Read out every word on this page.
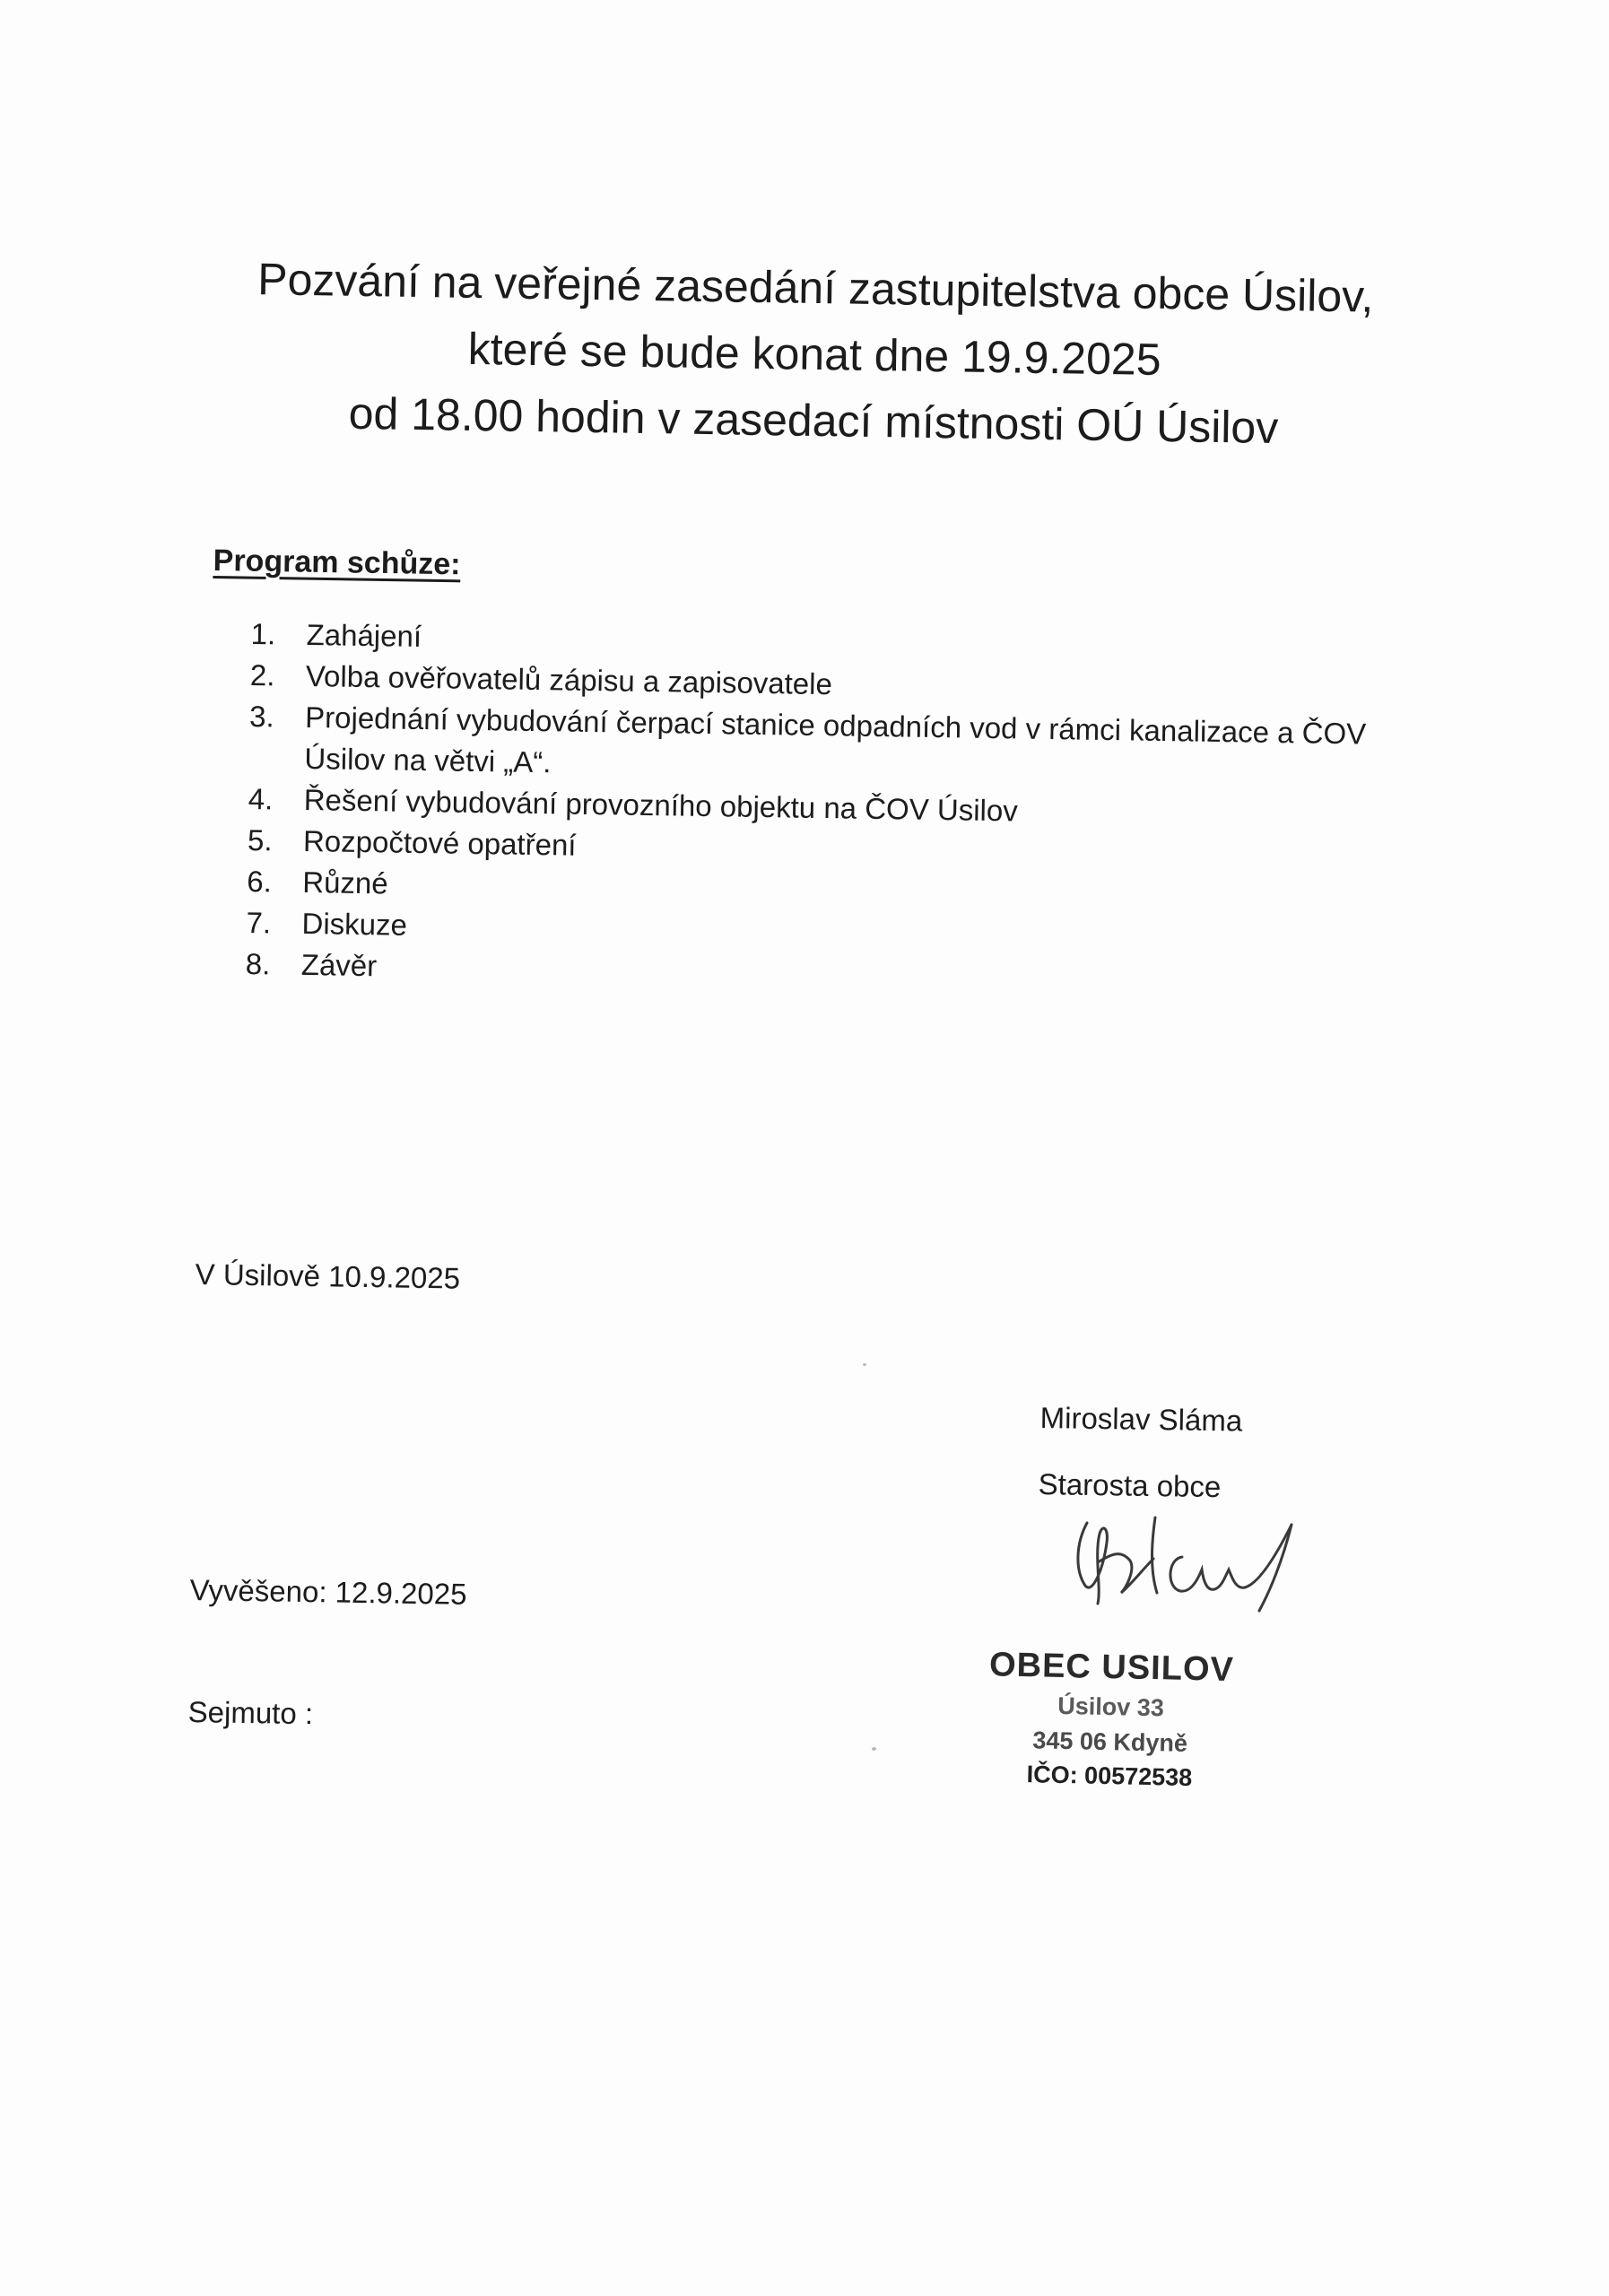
Pozvání na veřejné zasedání zastupitelstva obce Úsilov,
které se bude konat dne 19.9.2025
od 18.00 hodin v zasedací místnosti OÚ Úsilov
Program schůze:
1. Zahájení
2. Volba ověřovatelů zápisu a zapisovatele
3. Projednání vybudování čerpací stanice odpadních vod v rámci kanalizace a ČOV Úsilov na větvi „A“.
4. Řešení vybudování provozního objektu na ČOV Úsilov
5. Rozpočtové opatření
6. Různé
7. Diskuze
8. Závěr
V Úsilově 10.9.2025
Miroslav Sláma
Starosta obce
Vyvěšeno: 12.9.2025
Sejmuto :
OBEC USILOV
Úsilov 33
345 06 Kdyně
IČO: 00572538
